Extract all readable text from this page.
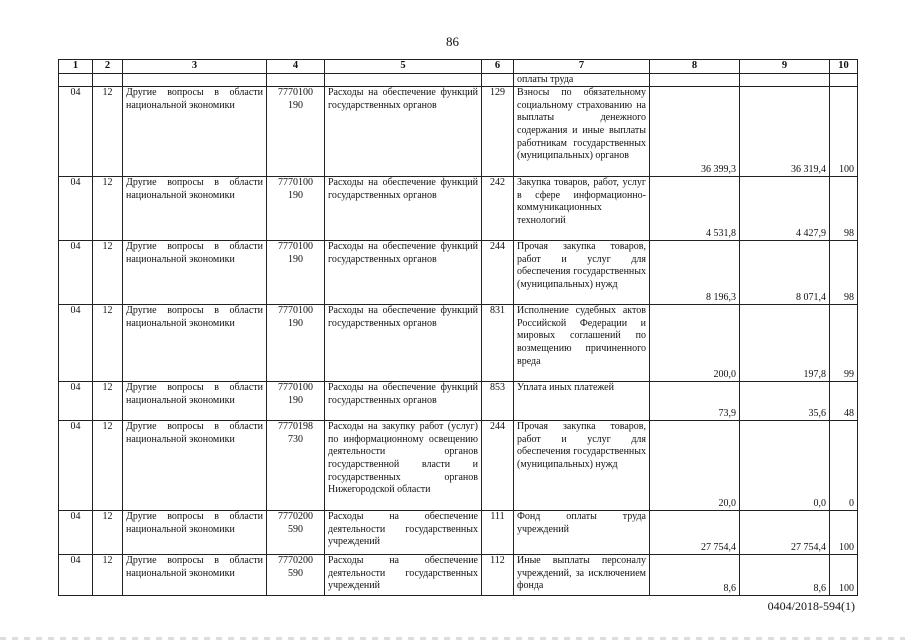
86
1	2	3	4	5	6	7	8	9	10
						оплаты труда			
04	12	Другие вопросы в области национальной экономики	7770100 190	Расходы на обеспечение функций государственных органов	129	Взносы по обязательному социальному страхованию на выплаты денежного содержания и иные выплаты работникам государственных (муниципальных) органов	36 399,3	36 319,4	100
04	12	Другие вопросы в области национальной экономики	7770100 190	Расходы на обеспечение функций государственных органов	242	Закупка товаров, работ, услуг в сфере информационно-коммуникационных технологий	4 531,8	4 427,9	98
04	12	Другие вопросы в области национальной экономики	7770100 190	Расходы на обеспечение функций государственных органов	244	Прочая закупка товаров, работ и услуг для обеспечения государственных (муниципальных) нужд	8 196,3	8 071,4	98
04	12	Другие вопросы в области национальной экономики	7770100 190	Расходы на обеспечение функций государственных органов	831	Исполнение судебных актов Российской Федерации и мировых соглашений по возмещению причиненного вреда	200,0	197,8	99
04	12	Другие вопросы в области национальной экономики	7770100 190	Расходы на обеспечение функций государственных органов	853	Уплата иных платежей	73,9	35,6	48
04	12	Другие вопросы в области национальной экономики	7770198 730	Расходы на закупку работ (услуг) по информационному освещению деятельности органов государственной власти и государственных органов Нижегородской области	244	Прочая закупка товаров, работ и услуг для обеспечения государственных (муниципальных) нужд	20,0	0,0	0
04	12	Другие вопросы в области национальной экономики	7770200 590	Расходы на обеспечение деятельности государственных учреждений	111	Фонд оплаты труда учреждений	27 754,4	27 754,4	100
04	12	Другие вопросы в области национальной экономики	7770200 590	Расходы на обеспечение деятельности государственных учреждений	112	Иные выплаты персоналу учреждений, за исключением фонда	8,6	8,6	100
0404/2018-594(1)
